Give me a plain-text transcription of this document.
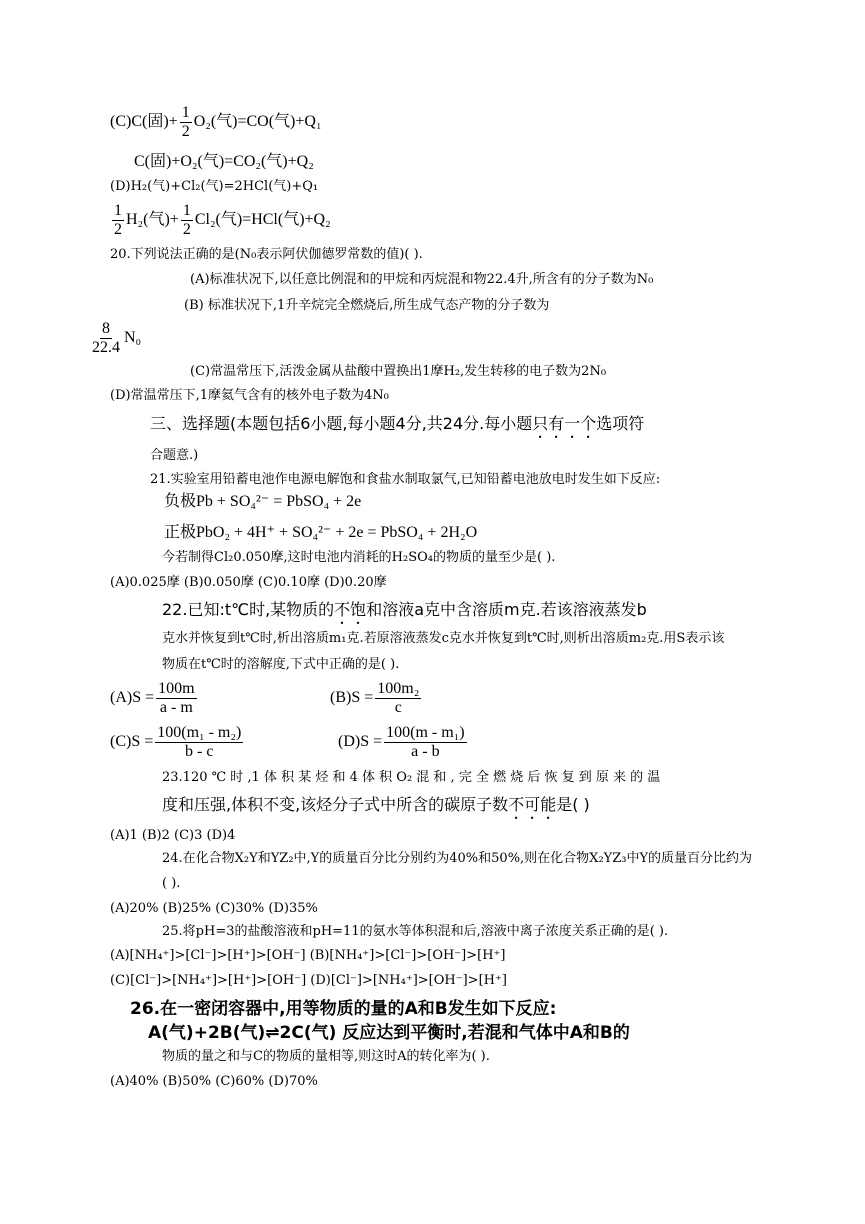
(C)C(固)+ $\frac{1}{2} O_2$(气)=CO(气)+Q₁
C(固)+O₂(气)=CO₂(气)+Q₂
(D)H₂(气)+Cl₂(气)=2HCl(气)+Q₁
$\frac{1}{2} H_2$(气)+ $\frac{1}{2} Cl_2$(气)=HCl(气)+Q₂
20.下列说法正确的是(N₀表示阿伏伽德罗常数的值)( ).
(A)标准状况下,以任意比例混和的甲烷和丙烷混和物22.4升,所含有的分子数为N₀
(B) 标准状况下,1升辛烷完全燃烧后,所生成气态产物的分子数为
$\frac{8}{22.4} N_0$
(C)常温常压下,活泼金属从盐酸中置换出1摩H₂,发生转移的电子数为2N₀
(D)常温常压下,1摩氦气含有的核外电子数为4N₀
三、选择题(本题包括6小题,每小题4分,共24分.每小题只有一个选项符
合题意.)
21.实验室用铅蓄电池作电源电解饱和食盐水制取氯气,已知铅蓄电池放电时发生如下反应:
负极Pb + SO₄²⁻ = PbSO₄ + 2e
正极PbO₂ + 4H⁺ + SO₄²⁻ + 2e = PbSO₄ + 2H₂O
今若制得Cl₂0.050摩,这时电池内消耗的H₂SO₄的物质的量至少是( ).
(A)0.025摩 (B)0.050摩 (C)0.10摩 (D)0.20摩
22.已知:t℃时,某物质的不饱和溶液a克中含溶质m克.若该溶液蒸发b
克水并恢复到t℃时,析出溶质m₁克.若原溶液蒸发c克水并恢复到t℃时,则析出溶质m₂克.用S表示该
物质在t℃时的溶解度,下式中正确的是( ).
$(A)S = \frac{100m}{a - m}$	$(B)S = \frac{\text{100m₂}}{c}$
$(C)S = \frac{\text{100(m₁ - m₂)}}{b - c}$	$(D)S = \frac{\text{100(m - m₁)}}{a - b}$
23.120 ℃ 时 ,1 体 积 某 烃 和 4 体 积 O₂ 混 和 , 完 全 燃 烧 后 恢 复 到 原 来 的 温
度和压强,体积不变,该烃分子式中所含的碳原子数不可能是( )
(A)1 (B)2 (C)3 (D)4
24.在化合物X₂Y和YZ₂中,Y的质量百分比分别约为40%和50%,则在化合物X₂YZ₃中Y的质量百分比约为
( ).
(A)20% (B)25% (C)30% (D)35%
25.将pH=3的盐酸溶液和pH=11的氨水等体积混和后,溶液中离子浓度关系正确的是( ).
(A)[NH₄⁺]>[Cl⁻]>[H⁺]>[OH⁻] (B)[NH₄⁺]>[Cl⁻]>[OH⁻]>[H⁺]
(C)[Cl⁻]>[NH₄⁺]>[H⁺]>[OH⁻] (D)[Cl⁻]>[NH₄⁺]>[OH⁻]>[H⁺]
26.在一密闭容器中,用等物质的量的A和B发生如下反应:
A(气)+2B(气)⇌2C(气) 反应达到平衡时,若混和气体中A和B的
物质的量之和与C的物质的量相等,则这时A的转化率为( ).
(A)40% (B)50% (C)60% (D)70%
